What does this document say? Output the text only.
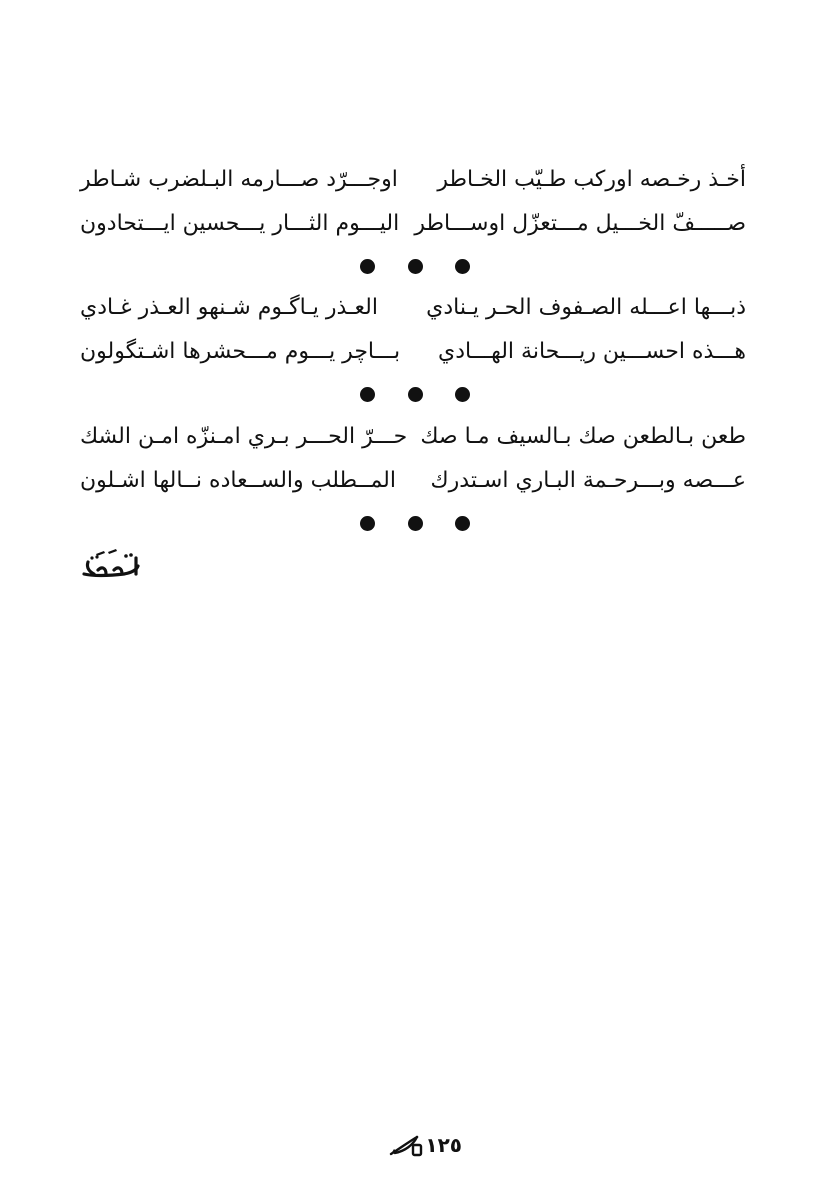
أخـذ رخـصه اوركب طـيّب الخـاطر
اوجـــرّد صـــارمه البـلضرب شـاطر
صـــــفّ الخـــيل مـــتعزّل اوســـاطر
اليـــوم الثـــار يـــحسين ايـــتحادون
ذبـــها اعـــله الصـفوف الحـر يـنادي
العـذر يـاگـوم شـنهو العـذر غـادي
هـــذه احســـين ريـــحانة الهـــادي
بـــاچر يـــوم مـــحشرها اشـتگولون
طعن بـالطعن صك بـالسيف مـا صك
حـــرّ الحـــر بـري امـنزّه امـن الشك
عـــصه وبـــرحـمة البـاري اسـتدرك
المــطلب والســعاده نــالها اشـلون
١٢٥
